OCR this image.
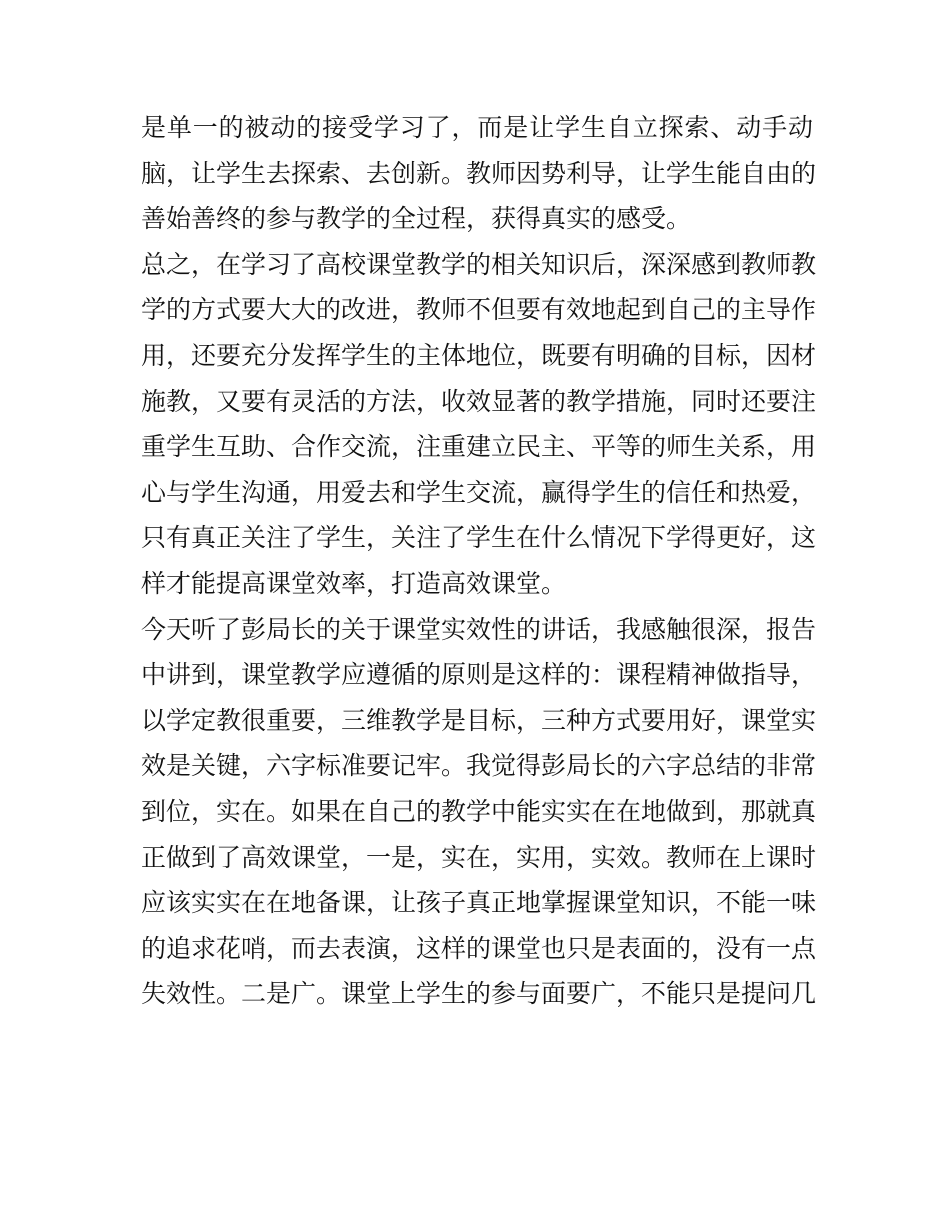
是单一的被动的接受学习了，而是让学生自立探索、动手动
脑，让学生去探索、去创新。教师因势利导，让学生能自由的
善始善终的参与教学的全过程，获得真实的感受。
总之，在学习了高校课堂教学的相关知识后，深深感到教师教
学的方式要大大的改进，教师不但要有效地起到自己的主导作
用，还要充分发挥学生的主体地位，既要有明确的目标，因材
施教，又要有灵活的方法，收效显著的教学措施，同时还要注
重学生互助、合作交流，注重建立民主、平等的师生关系，用
心与学生沟通，用爱去和学生交流，赢得学生的信任和热爱，
只有真正关注了学生，关注了学生在什么情况下学得更好，这
样才能提高课堂效率，打造高效课堂。
今天听了彭局长的关于课堂实效性的讲话，我感触很深，报告
中讲到，课堂教学应遵循的原则是这样的：课程精神做指导，
以学定教很重要，三维教学是目标，三种方式要用好，课堂实
效是关键，六字标准要记牢。我觉得彭局长的六字总结的非常
到位，实在。如果在自己的教学中能实实在在地做到，那就真
正做到了高效课堂，一是，实在，实用，实效。教师在上课时
应该实实在在地备课，让孩子真正地掌握课堂知识，不能一味
的追求花哨，而去表演，这样的课堂也只是表面的，没有一点
失效性。二是广。课堂上学生的参与面要广，不能只是提问几
